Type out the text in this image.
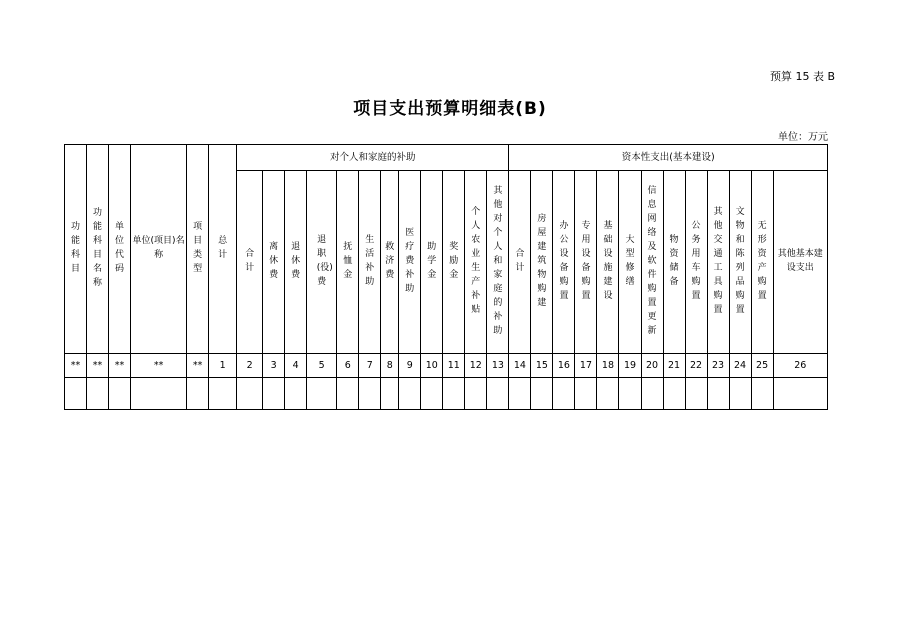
预算 15 表 B
项目支出预算明细表(B)
单位：万元
功能科目	功能科目名称	单位代码	单位(项目)名称	项目类型	总计	对个人和家庭的补助												资本性支出(基本建设)												
						合计	离休费	退休费	退职(役)费	抚恤金	生活补助	救济费	医疗费补助	助学金	奖励金	个人农业生产补贴	其他对个人和家庭的补助	合计	房屋建筑物购建	办公设备购置	专用设备购置	基础设施建设	大型修缮	信息网络及软件购置更新	物资储备	公务用车购置	其他交通工具购置	文物和陈列品购置	无形资产购置	其他基本建设支出
**	**	**	**	**	1	2	3	4	5	6	7	8	9	10	11	12	13	14	15	16	17	18	19	20	21	22	23	24	25	26
